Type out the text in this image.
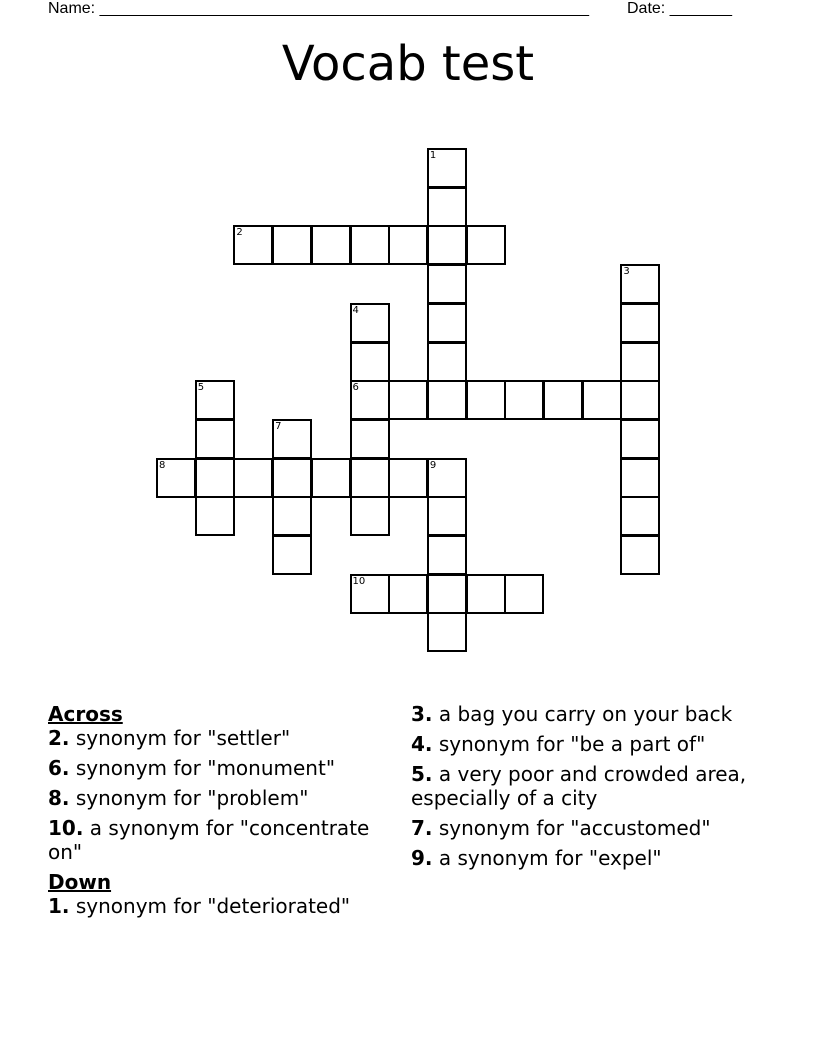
Name: _______________________________________________________ Date: _______
Vocab test
1
2
3
4
6
5
7
8	9
10

Across

2. synonym for "settler"

6. synonym for "monument"

8. synonym for "problem"

10. a synonym for "concentrate on"

Down

1. synonym for "deteriorated"

3. a bag you carry on your back

4. synonym for "be a part of"

5. a very poor and crowded area, especially of a city

7. synonym for "accustomed"

9. a synonym for "expel"
